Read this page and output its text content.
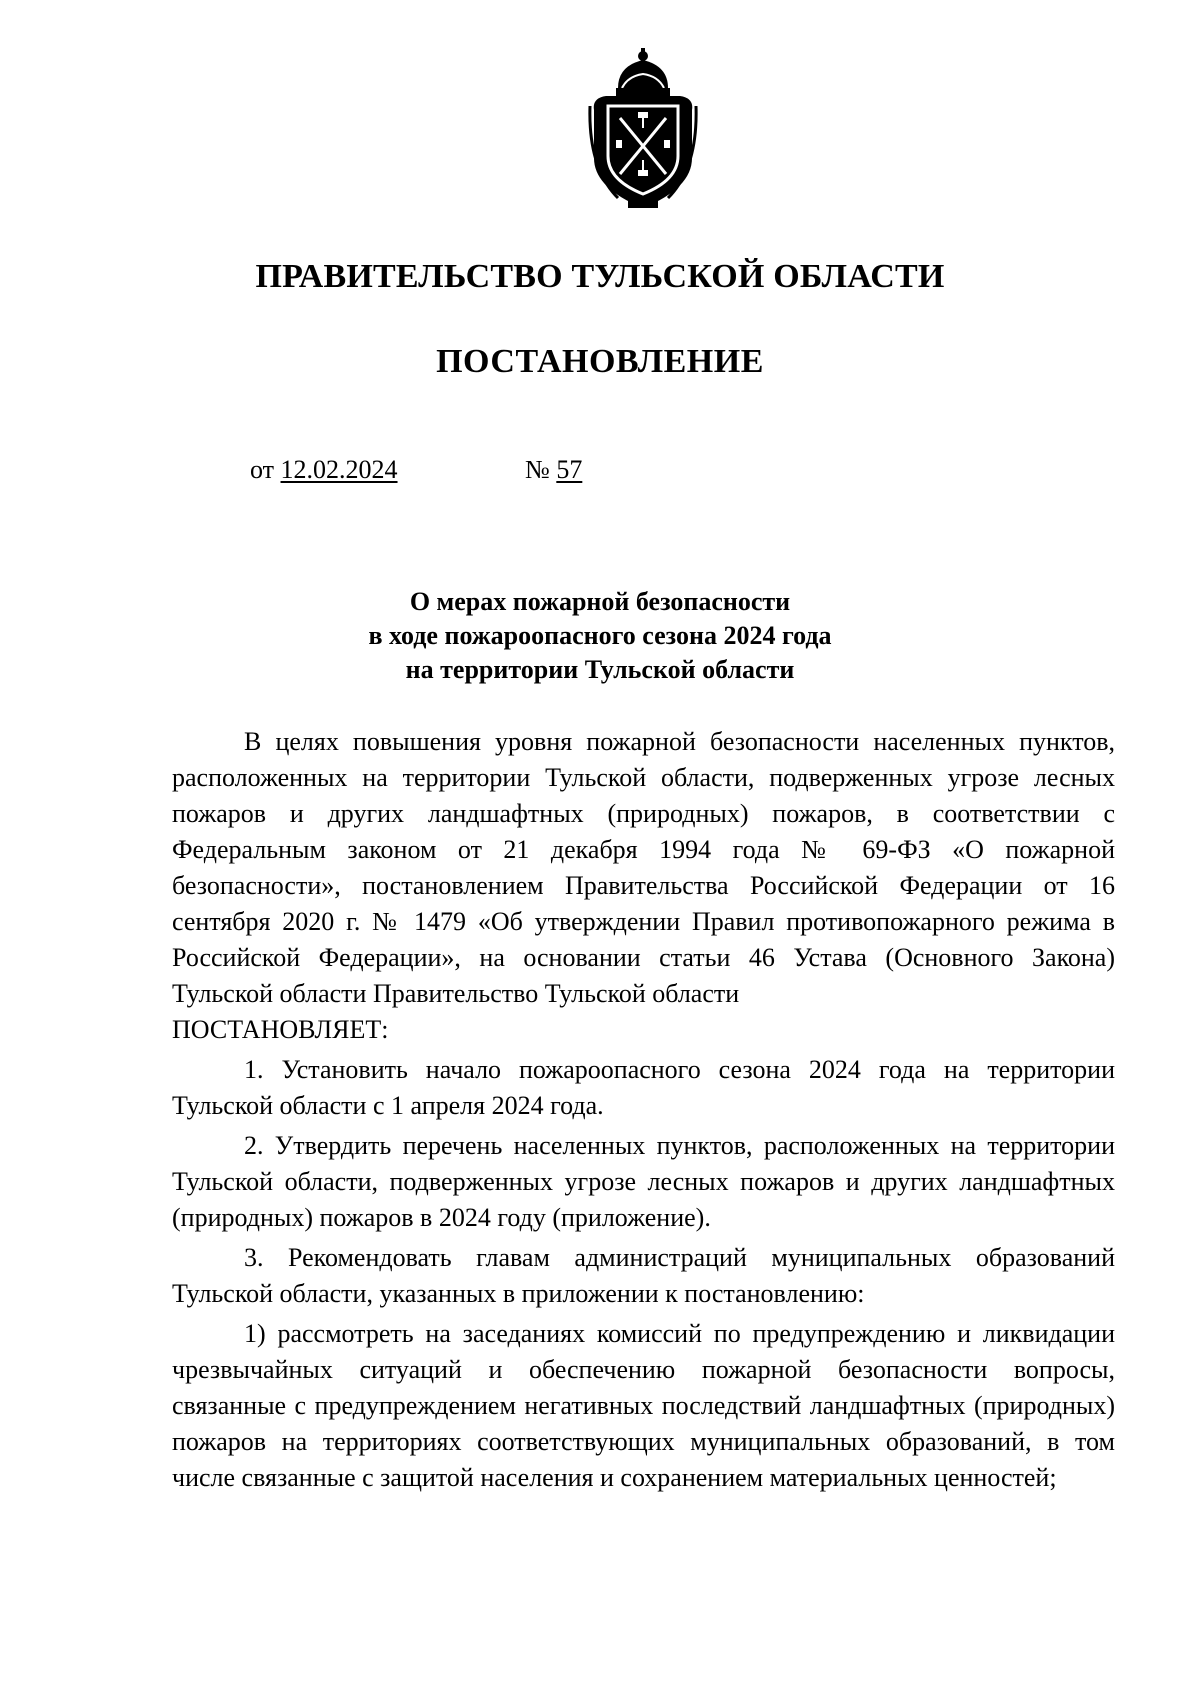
ПРАВИТЕЛЬСТВО ТУЛЬСКОЙ ОБЛАСТИ
ПОСТАНОВЛЕНИЕ
от 12.02.2024	№ 57
О мерах пожарной безопасности
в ходе пожароопасного сезона 2024 года
на территории Тульской области

В целях повышения уровня пожарной безопасности населенных пунктов, расположенных на территории Тульской области, подверженных угрозе лесных пожаров и других ландшафтных (природных) пожаров, в соответствии с Федеральным законом от 21 декабря 1994 года № 69-ФЗ «О пожарной безопасности», постановлением Правительства Российской Федерации от 16 сентября 2020 г. № 1479 «Об утверждении Правил противопожарного режима в Российской Федерации», на основании статьи 46 Устава (Основного Закона) Тульской области Правительство Тульской области

ПОСТАНОВЛЯЕТ:

1. Установить начало пожароопасного сезона 2024 года на территории Тульской области с 1 апреля 2024 года.

2. Утвердить перечень населенных пунктов, расположенных на территории Тульской области, подверженных угрозе лесных пожаров и других ландшафтных (природных) пожаров в 2024 году (приложение).

3. Рекомендовать главам администраций муниципальных образований Тульской области, указанных в приложении к постановлению:

1) рассмотреть на заседаниях комиссий по предупреждению и ликвидации чрезвычайных ситуаций и обеспечению пожарной безопасности вопросы, связанные с предупреждением негативных последствий ландшафтных (природных) пожаров на территориях соответствующих муниципальных образований, в том числе связанные с защитой населения и сохранением материальных ценностей;
